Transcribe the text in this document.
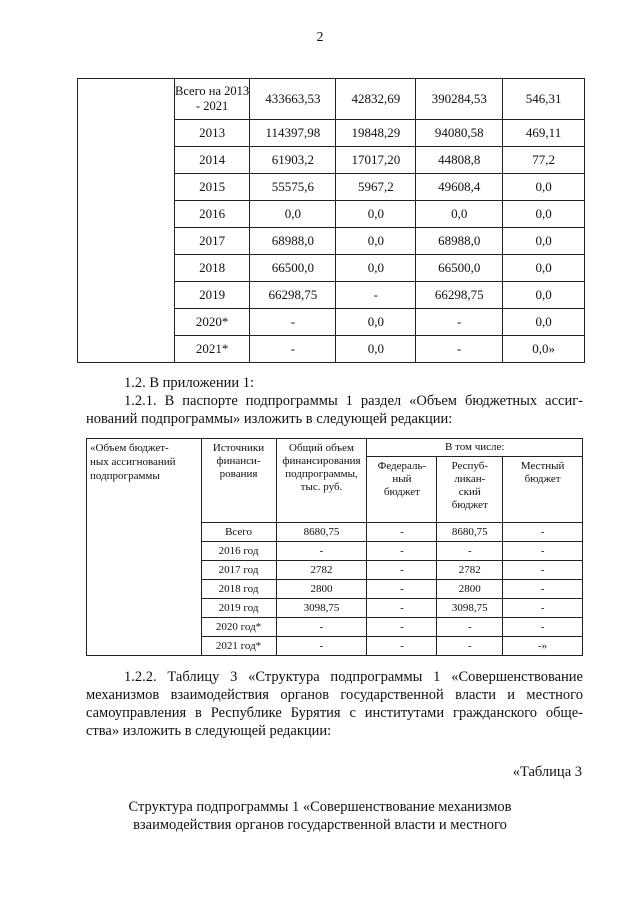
2
	Всего на 2013 - 2021	433663,53	42832,69	390284,53	546,31
	2013	114397,98	19848,29	94080,58	469,11
	2014	61903,2	17017,20	44808,8	77,2
	2015	55575,6	5967,2	49608,4	0,0
	2016	0,0	0,0	0,0	0,0
	2017	68988,0	0,0	68988,0	0,0
	2018	66500,0	0,0	66500,0	0,0
	2019	66298,75	-	66298,75	0,0
	2020*	-	0,0	-	0,0
	2021*	-	0,0	-	0,0»
1.2. В приложении 1:
1.2.1. В паспорте подпрограммы 1 раздел «Объем бюджетных ассиг-
нований подпрограммы» изложить в следующей редакции:
«Объем бюджет-
ных ассигнований
подпрограммы	Источники финанси-рования	Общий объем финансирования подпрограммы, тыс. руб.	В том числе:		
			Федераль-ный бюджет	Респуб-ликан-ский бюджет	Местный бюджет
	Всего	8680,75	-	8680,75	-
	2016 год	-	-	-	-
	2017 год	2782	-	2782	-
	2018 год	2800	-	2800	-
	2019 год	3098,75	-	3098,75	-
	2020 год*	-	-	-	-
	2021 год*	-	-	-	-»
1.2.2. Таблицу 3 «Структура подпрограммы 1 «Совершенствование
механизмов взаимодействия органов государственной власти и местного
самоуправления в Республике Бурятия с институтами гражданского обще-
ства» изложить в следующей редакции:
«Таблица 3
Структура подпрограммы 1 «Совершенствование механизмов
взаимодействия органов государственной власти и местного
